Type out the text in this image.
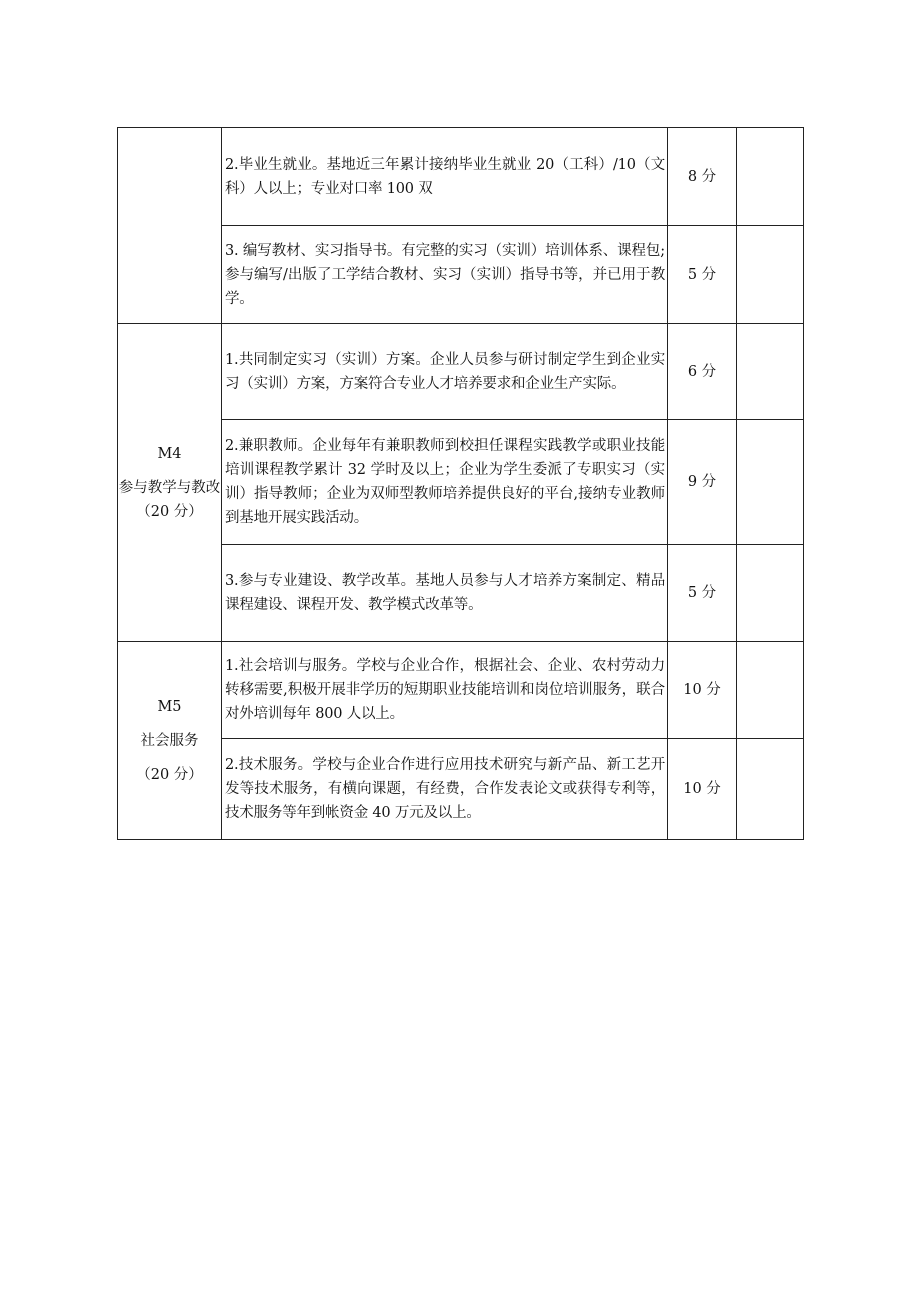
	2.毕业生就业。基地近三年累计接纳毕业生就业 20（工科）/10（文科）人以上；专业对口率 100 双	8 分	
	3. 编写教材、实习指导书。有完整的实习（实训）培训体系、课程包;参与编写/出版了工学结合教材、实习（实训）指导书等，并已用于教学。	5 分	

M4
参与教学与教改（20 分）	1.共同制定实习（实训）方案。企业人员参与研讨制定学生到企业实习（实训）方案，方案符合专业人才培养要求和企业生产实际。	6 分	
	2.兼职教师。企业每年有兼职教师到校担任课程实践教学或职业技能培训课程教学累计 32 学时及以上；企业为学生委派了专职实习（实训）指导教师；企业为双师型教师培养提供良好的平台,接纳专业教师到基地开展实践活动。	9 分	
	3.参与专业建设、教学改革。基地人员参与人才培养方案制定、精品课程建设、课程开发、教学模式改革等。	5 分	

M5
社会服务
（20 分）	1.社会培训与服务。学校与企业合作，根据社会、企业、农村劳动力转移需要,积极开展非学历的短期职业技能培训和岗位培训服务，联合对外培训每年 800 人以上。	10 分	
	2.技术服务。学校与企业合作进行应用技术研究与新产品、新工艺开发等技术服务，有横向课题，有经费，合作发表论文或获得专利等，技术服务等年到帐资金 40 万元及以上。	10 分	
